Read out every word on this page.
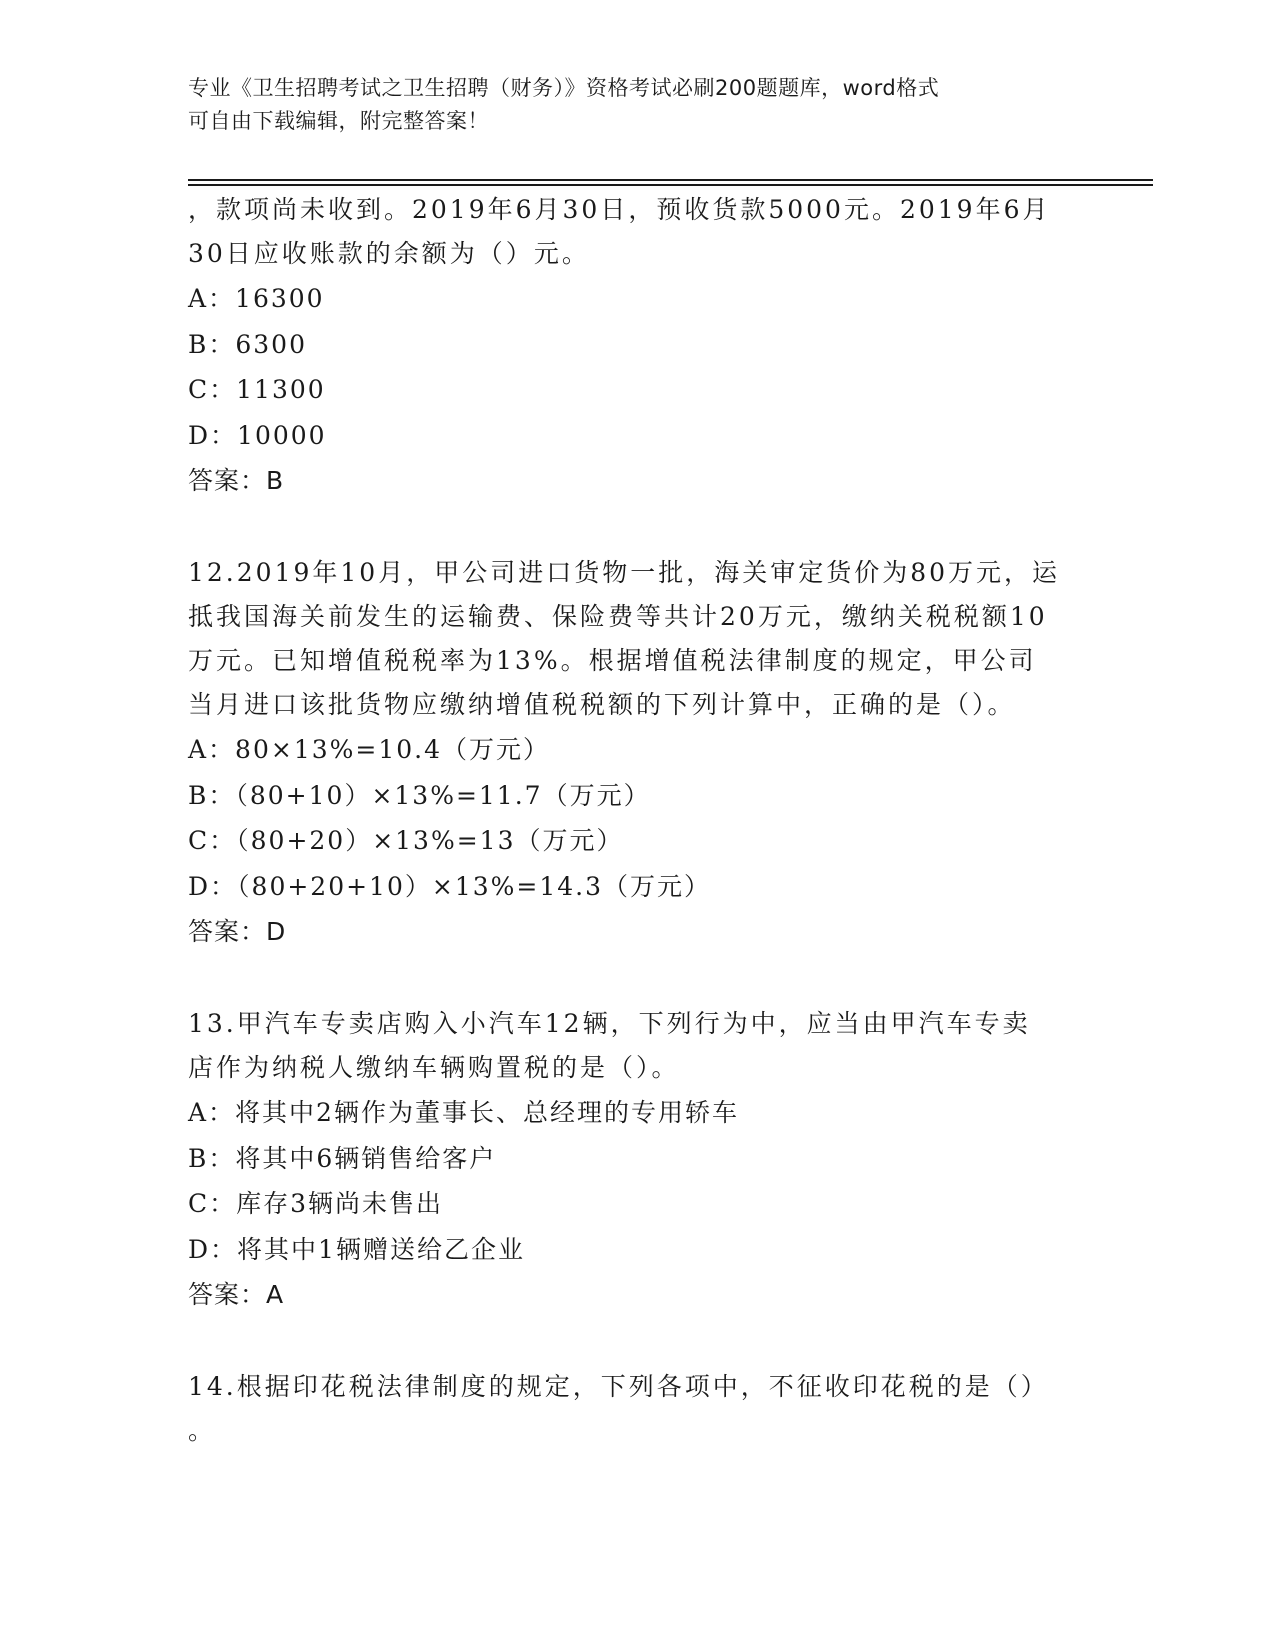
专业《卫生招聘考试之卫生招聘（财务）》资格考试必刷200题题库，word格式
可自由下载编辑，附完整答案！

，款项尚未收到。2019年6月30日，预收货款5000元。2019年6月

30日应收账款的余额为（）元。

A：16300

B：6300

C：11300

D：10000

答案：B

12.2019年10月，甲公司进口货物一批，海关审定货价为80万元，运

抵我国海关前发生的运输费、保险费等共计20万元，缴纳关税税额10

万元。已知增值税税率为13%。根据增值税法律制度的规定，甲公司

当月进口该批货物应缴纳增值税税额的下列计算中，正确的是（）。

A：80×13%=10.4（万元）

B：（80+10）×13%=11.7（万元）

C：（80+20）×13%=13（万元）

D：（80+20+10）×13%=14.3（万元）

答案：D

13.甲汽车专卖店购入小汽车12辆，下列行为中，应当由甲汽车专卖

店作为纳税人缴纳车辆购置税的是（）。

A：将其中2辆作为董事长、总经理的专用轿车

B：将其中6辆销售给客户

C：库存3辆尚未售出

D：将其中1辆赠送给乙企业

答案：A

14.根据印花税法律制度的规定，下列各项中，不征收印花税的是（）

。
